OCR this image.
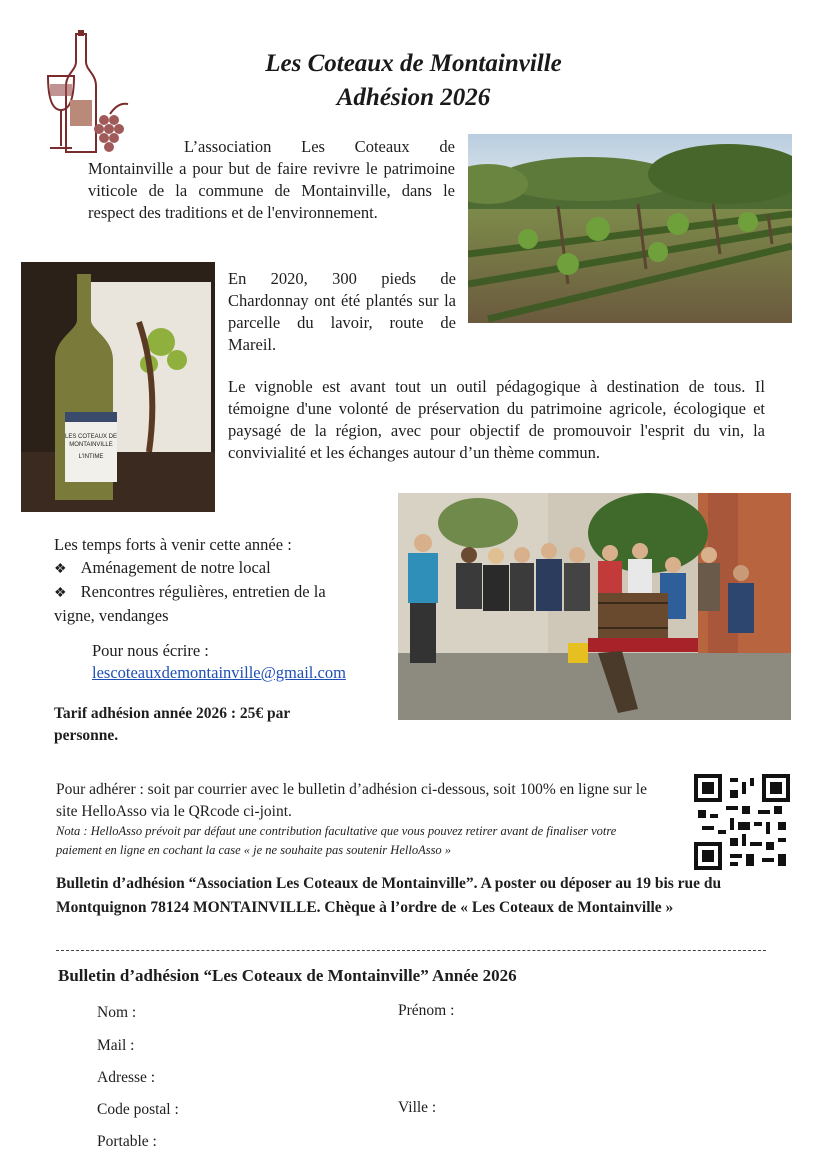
Les Coteaux de Montainville
Adhésion 2026
L’association Les Coteaux de Montainville a pour but de faire revivre le patrimoine viticole de la commune de Montainville, dans le respect des traditions et de l'environnement.
LES COTEAUX DE
MONTAINVILLE
L'INTIME
En 2020, 300 pieds de Chardonnay ont été plantés sur la parcelle du lavoir, route de Mareil.
Le vignoble est avant tout un outil pédagogique à destination de tous. Il témoigne d'une volonté de préservation du patrimoine agricole, écologique et paysagé de la région, avec pour objectif de promouvoir l'esprit du vin, la convivialité et les échanges autour d’un thème commun.
Les temps forts à venir cette année :
❖ Aménagement de notre local
❖ Rencontres régulières, entretien de la vigne, vendanges
Pour nous écrire :
lescoteauxdemontainville@gmail.com
Tarif adhésion année 2026 : 25€ par personne.
Pour adhérer : soit par courrier avec le bulletin d’adhésion ci-dessous, soit 100% en ligne sur le site HelloAsso via le QRcode ci-joint.
Nota : HelloAsso prévoit par défaut une contribution facultative que vous pouvez retirer avant de finaliser votre paiement en ligne en cochant la case « je ne souhaite pas soutenir HelloAsso »
Bulletin d’adhésion “Association Les Coteaux de Montainville”. A poster ou déposer au 19 bis rue du Montquignon 78124 MONTAINVILLE. Chèque à l’ordre de « Les Coteaux de Montainville »
Bulletin d’adhésion “Les Coteaux de Montainville” Année 2026
Nom :	Prénom :
Mail :
Adresse :
Code postal :	Ville :
Portable :
